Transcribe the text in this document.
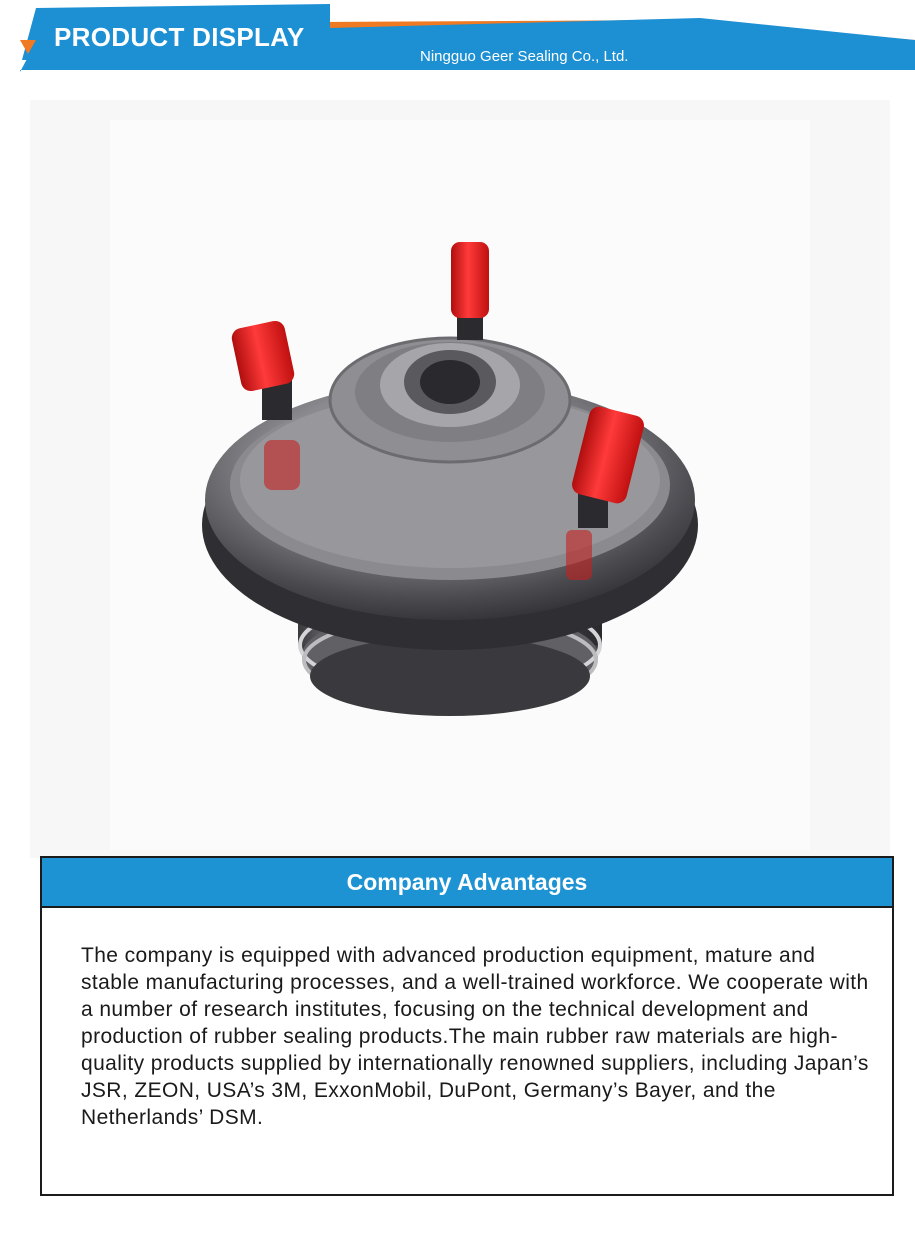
PRODUCT DISPLAY
Ningguo Geer Sealing Co., Ltd.
Company Advantages
The company is equipped with advanced production equipment, mature and stable manufacturing processes, and a well-trained workforce. We cooperate with a number of research institutes, focusing on the technical development and production of rubber sealing products.The main rubber raw materials are high-quality products supplied by internationally renowned suppliers, including Japan’s JSR, ZEON, USA’s 3M, ExxonMobil, DuPont, Germany’s Bayer, and the Netherlands’ DSM.
